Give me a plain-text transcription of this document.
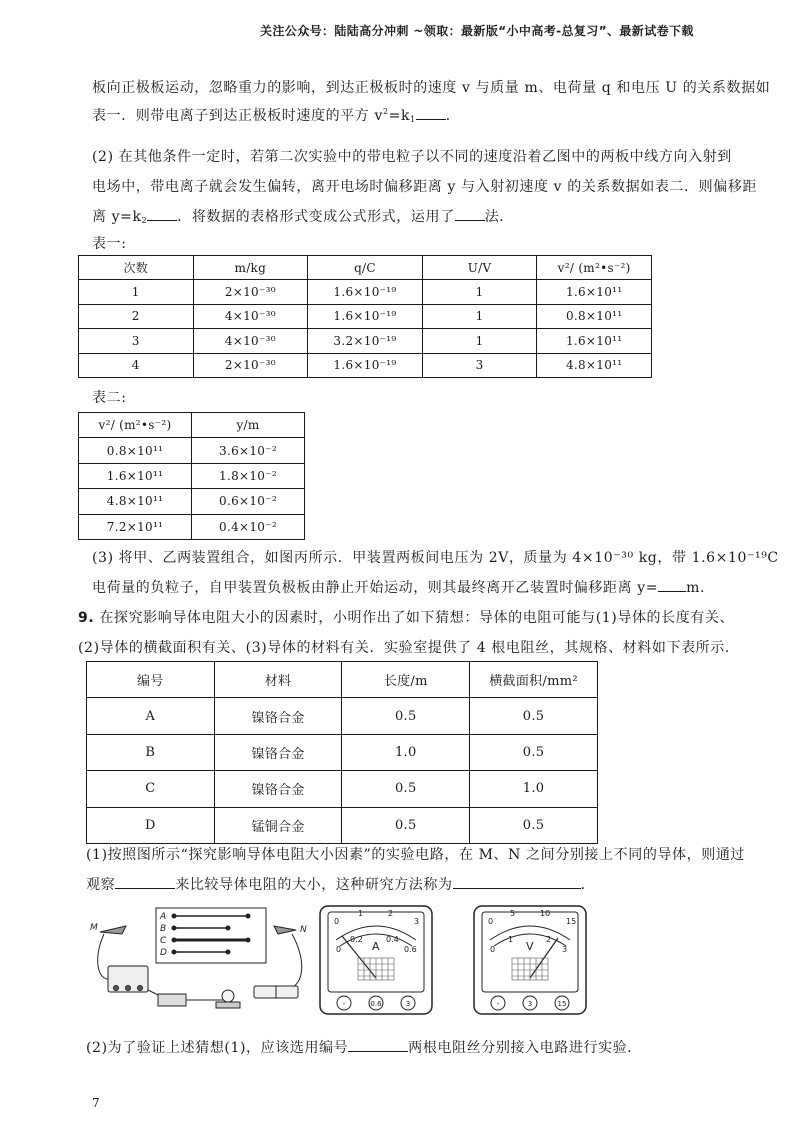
关注公众号：陆陆高分冲刺 ~领取：最新版“小中高考-总复习”、最新试卷下载
板向正极板运动，忽略重力的影响，到达正极板时的速度 v 与质量 m、电荷量 q 和电压 U 的关系数据如
表一．则带电离子到达正极板时速度的平方 $v^2=k_1$ ．
(2) 在其他条件一定时，若第二次实验中的带电粒子以不同的速度沿着乙图中的两板中线方向入射到
电场中，带电离子就会发生偏转，离开电场时偏移距离 y 与入射初速度 v 的关系数据如表二．则偏移距
离 $y=k_2$ ．将数据的表格形式变成公式形式，运用了 法．
表一:
次数	m/kg	q/C	U/V	v²/ (m²•s⁻²)
1	2×10⁻³⁰	1.6×10⁻¹⁹	1	1.6×10¹¹
2	4×10⁻³⁰	1.6×10⁻¹⁹	1	0.8×10¹¹
3	4×10⁻³⁰	3.2×10⁻¹⁹	1	1.6×10¹¹
4	2×10⁻³⁰	1.6×10⁻¹⁹	3	4.8×10¹¹
表二:
v²/ (m²•s⁻²)	y/m
0.8×10¹¹	3.6×10⁻²
1.6×10¹¹	1.8×10⁻²
4.8×10¹¹	0.6×10⁻²
7.2×10¹¹	0.4×10⁻²
(3) 将甲、乙两装置组合，如图丙所示．甲装置两板间电压为 2V，质量为 4×10⁻³⁰ kg，带 1.6×10⁻¹⁹C
电荷量的负粒子，自甲装置负极板由静止开始运动，则其最终离开乙装置时偏移距离 y= m.
9. 在探究影响导体电阻大小的因素时，小明作出了如下猜想：导体的电阻可能与(1)导体的长度有关、
(2)导体的横截面积有关、(3)导体的材料有关．实验室提供了 4 根电阻丝，其规格、材料如下表所示．
编号	材料	长度/m	横截面积/mm²
A	镍铬合金	0.5	0.5
B	镍铬合金	1.0	0.5
C	镍铬合金	0.5	1.0
D	锰铜合金	0.5	0.5
(1)按照图所示“探究影响导体电阻大小因素”的实验电路，在 M、N 之间分别接上不同的导体，则通过
观察	来比较导体电阻的大小，这种研究方法称为	．
M	N
A
B
C
D
0
1	2
3
0
0.2	0.4
0.6
A
-	0.6	3
0
5	10
15
0
1	2
3
V
-	3	15
(2)为了验证上述猜想(1)，应该选用编号	两根电阻丝分别接入电路进行实验．
7
